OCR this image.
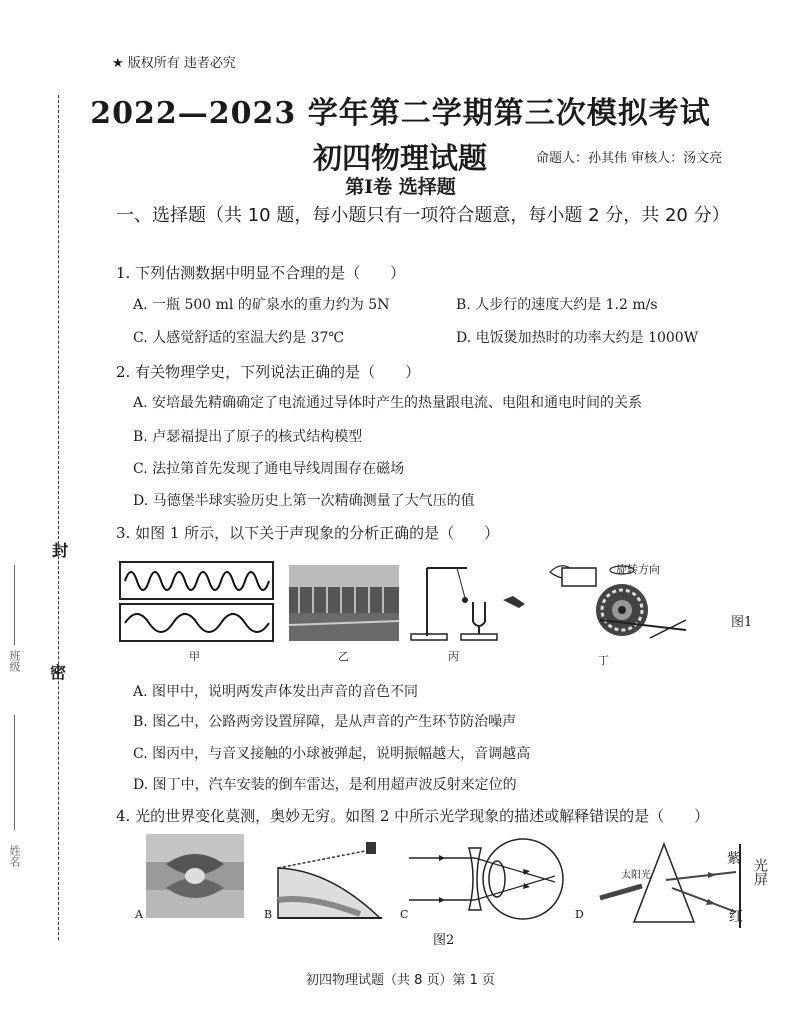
封
密
班级
姓名
★ 版权所有 违者必究
2022—2023 学年第二学期第三次模拟考试
初四物理试题	命题人：孙其伟 审核人：汤文亮
第Ⅰ卷 选择题
一、选择题（共 10 题，每小题只有一项符合题意，每小题 2 分，共 20 分）
1. 下列估测数据中明显不合理的是（　　）
A. 一瓶 500 ml 的矿泉水的重力约为 5N	B. 人步行的速度大约是 1.2 m/s
C. 人感觉舒适的室温大约是 37℃	D. 电饭煲加热时的功率大约是 1000W
2. 有关物理学史，下列说法正确的是（　　）
A. 安培最先精确确定了电流通过导体时产生的热量跟电流、电阻和通电时间的关系
B. 卢瑟福提出了原子的核式结构模型
C. 法拉第首先发现了通电导线周围存在磁场
D. 马德堡半球实验历史上第一次精确测量了大气压的值
3. 如图 1 所示，以下关于声现象的分析正确的是（　　）
甲	乙	丙
旋转方向
丁
图1
A. 图甲中，说明两发声体发出声音的音色不同
B. 图乙中，公路两旁设置屏障，是从声音的产生环节防治噪声
C. 图丙中，与音叉接触的小球被弹起，说明振幅越大，音调越高
D. 图丁中，汽车安装的倒车雷达，是利用超声波反射来定位的
4. 光的世界变化莫测，奥妙无穷。如图 2 中所示光学现象的描述或解释错误的是（　　）
A	B	C
太阳光
紫
红
光屏
D
图2
初四物理试题（共 8 页）第 1 页
